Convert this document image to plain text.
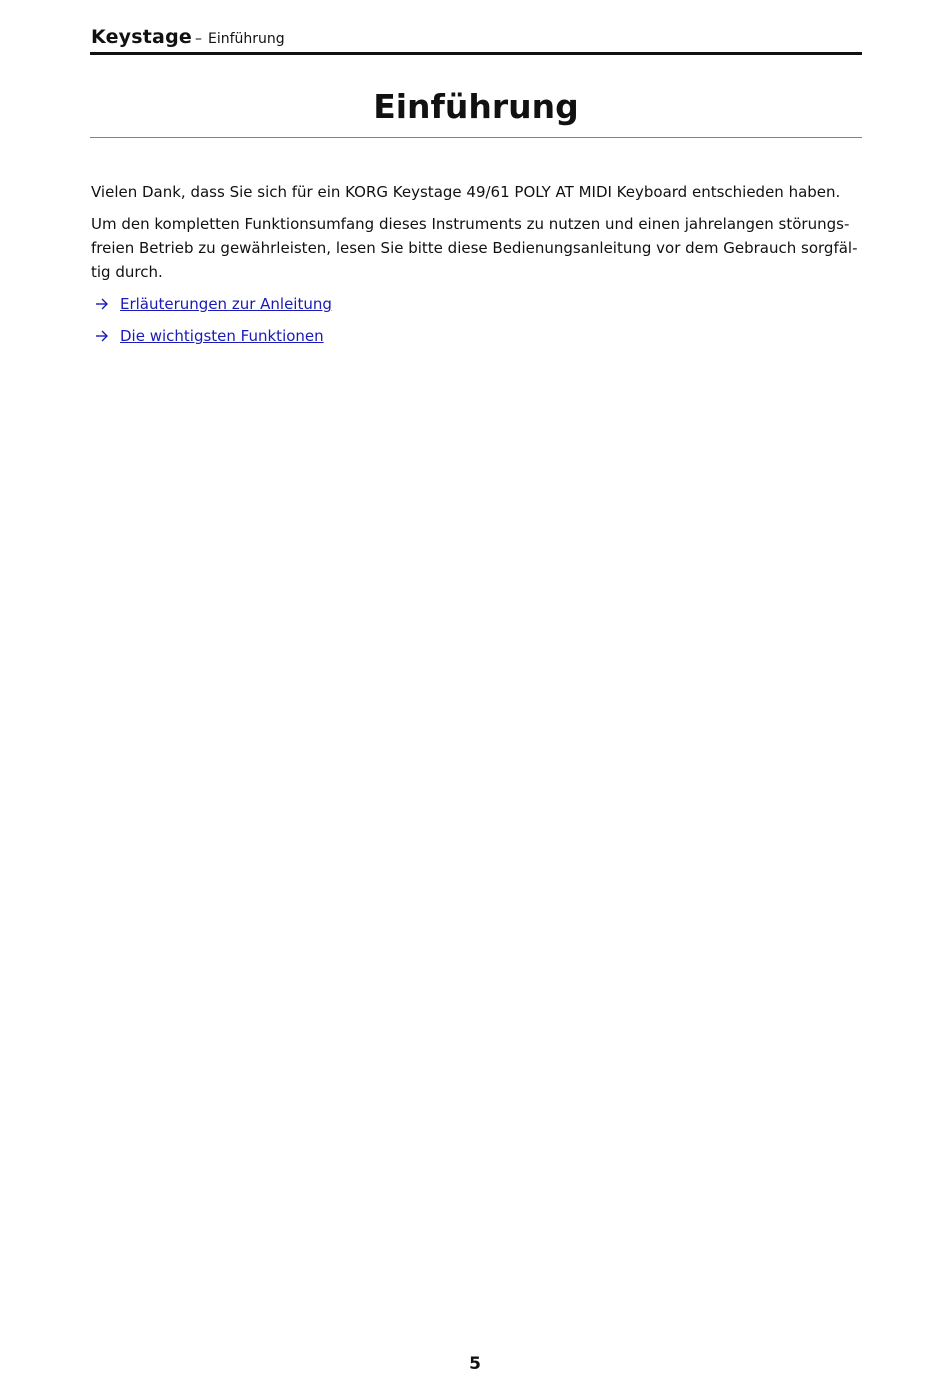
Keystage – Einführung
Einführung

Vielen Dank, dass Sie sich für ein KORG Keystage 49/61 POLY AT MIDI Keyboard entschieden haben.

Um den kompletten Funktionsumfang dieses Instruments zu nutzen und einen jahrelangen störungs-freien Betrieb zu gewährleisten, lesen Sie bitte diese Bedienungsanleitung vor dem Gebrauch sorgfäl-tig durch.

Erläuterungen zur Anleitung
Die wichtigsten Funktionen
5
